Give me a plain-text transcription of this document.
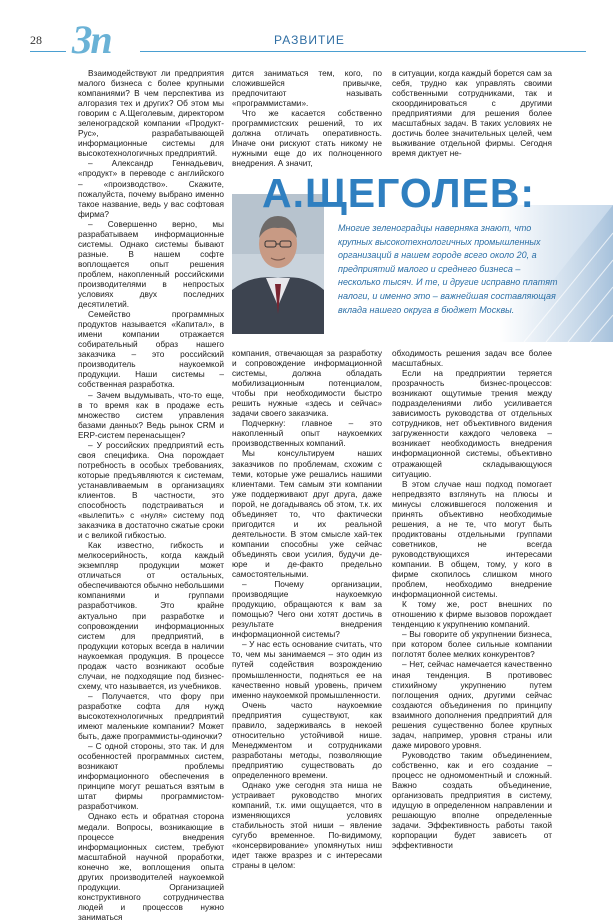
28 Зп	РАЗВИТИЕ

Взаимодействуют ли предприятия малого бизнеса с более крупными компаниями? В чем перспектива из алгоразия тех и других? Об этом мы говорим с А.Щеголевым, директором зеленоградской компании «Продукт-Рус», разрабатывающей информационные системы для высокотехнологичных предприятий.

– Александр Геннадьевич, «продукт» в переводе с английского – «производство». Скажите, пожалуйста, почему выбрано именно такое название, ведь у вас софтовая фирма?

– Совершенно верно, мы разрабатываем информационные системы. Однако системы бывают разные. В нашем софте воплощается опыт решения проблем, накопленный российскими производителями в непростых условиях двух последних десятилетий.

Семейство программных продуктов называется «Капитал», в имени компании отражается собирательный образ нашего заказчика – это российский производитель наукоемкой продукции. Наши системы – собственная разработка.

– Зачем выдумывать, что-то еще, в то время как в продаже есть множество систем управления базами данных? Ведь рынок CRM и ERP-систем перенасыщен?

– У российских предприятий есть своя специфика. Она порождает потребность в особых требованиях, которые предъявляются к системам, устанавливаемым в организациях клиентов. В частности, это способность подстраиваться и «вылепить» с «нуля» систему под заказчика в достаточно сжатые сроки и с великой гибкостью.

Как известно, гибкость и мелкосерийность, когда каждый экземпляр продукции может отличаться от остальных, обеспечиваются обычно небольшими компаниями и группами разработчиков. Это крайне актуально при разработке и сопровождении информационных систем для предприятий, в продукции которых всегда в наличии наукоемкая продукция. В процессе продаж часто возникают особые случаи, не подходящие под бизнес-схему, что называется, из учебников.

– Получается, что фору при разработке софта для нужд высокотехнологичных предприятий имеют маленькие компании? Может быть, даже программисты-одиночки?

– С одной стороны, это так. И для особенностей программных систем, возникают проблемы информационного обеспечения в принципе могут решаться взятым в штат фирмы программистом-разработчиком.

Однако есть и обратная сторона медали. Вопросы, возникающие в процессе внедрения информационных систем, требуют масштабной научной проработки, конечно же, воплощения опыта других производителей наукоемкой продукции. Организацией конструктивного сотрудничества людей и процессов нужно заниматься

дится заниматься тем, кого, по сложившейся привычке, предпочитают называть «программистами».

Что же касается собственно программистских решений, то их должна отличать оперативность. Иначе они рискуют стать никому не нужными еще до их полноценного внедрения. А значит,

в ситуации, когда каждый борется сам за себя, трудно как управлять своими собственными сотрудниками, так и скоординироваться с другими предприятиями для решения более масштабных задач. В таких условиях не достичь более значительных целей, чем выживание отдельной фирмы. Сегодня время диктует не-

А.ЩЕГОЛЕВ:
Многие зеленоградцы наверняка знают, что крупных высокотехнологичных промышленных организаций в нашем городе всего около 20, а предприятий малого и среднего бизнеса – несколько тысяч. И те, и другие исправно платят налоги, и именно это – важнейшая составляющая вклада нашего округа в бюджет Москвы.

компания, отвечающая за разработку и сопровождение информационной системы, должна обладать мобилизационным потенциалом, чтобы при необходимости быстро решить нужные «здесь и сейчас» задачи своего заказчика.

Подчеркну: главное – это накопленный опыт наукоемких производственных компаний.

Мы консультируем наших заказчиков по проблемам, схожим с теми, которые уже решались нашими клиентами. Тем самым эти компании уже поддерживают друг друга, даже порой, не догадываясь об этом, т.к. их объединяет то, что фактически пригодится и их реальной деятельности. В этом смысле хай-тек компании способны уже сейчас объединять свои усилия, будучи де-юре и де-факто предельно самостоятельными.

– Почему организации, производящие наукоемкую продукцию, обращаются к вам за помощью? Чего они хотят достичь в результате внедрения информационной системы?

– У нас есть основание считать, что то, чем мы занимаемся – это один из путей содействия возрождению промышленности, подняться ее на качественно новый уровень, причем именно наукоемкой промышленности.

Очень часто наукоемкие предприятия существуют, как правило, задерживаясь в некоей относительно устойчивой нише. Менеджментом и сотрудниками разработаны методы, позволяющие предприятию существовать до определенного времени.

Однако уже сегодня эта ниша не устраивает руководство многих компаний, т.к. ими ощущается, что в изменяющихся условиях стабильность этой ниши – явление сугубо временное. По-видимому, «консервирование» упомянутых ниш идет также вразрез и с интересами страны в целом:

обходимость решения задач все более масштабных.

Если на предприятии теряется прозрачность бизнес-процессов: возникают ощутимые трения между подразделениями либо усиливается зависимость руководства от отдельных сотрудников, нет объективного видения загруженности каждого человека – возникает необходимость внедрения информационной системы, объективно отражающей складывающуюся ситуацию.

В этом случае наш подход помогает непредвзято взглянуть на плюсы и минусы сложившегося положения и принять объективно необходимые решения, а не те, что могут быть продиктованы отдельными группами советников, не всегда руководствующихся интересами компании. В общем, тому, у кого в фирме скопилось слишком много проблем, необходимо внедрение информационной системы.

К тому же, рост внешних по отношению к фирме вызовов порождает тенденцию к укрупнению компаний.

– Вы говорите об укрупнении бизнеса, при котором более сильные компании поглотят более мелких конкурентов?

– Нет, сейчас намечается качественно иная тенденция. В противовес стихийному укрупнению путем поглощения одних, другими сейчас создаются объединения по принципу взаимного дополнения предприятий для решения существенно более крупных задач, например, уровня страны или даже мирового уровня.

Руководство таким объединением, собственно, как и его создание – процесс не одномоментный и сложный. Важно создать объединение, организовать предприятия в систему, идущую в определенном направлении и решающую вполне определенные задачи. Эффективность работы такой корпорации будет зависеть от эффективности
